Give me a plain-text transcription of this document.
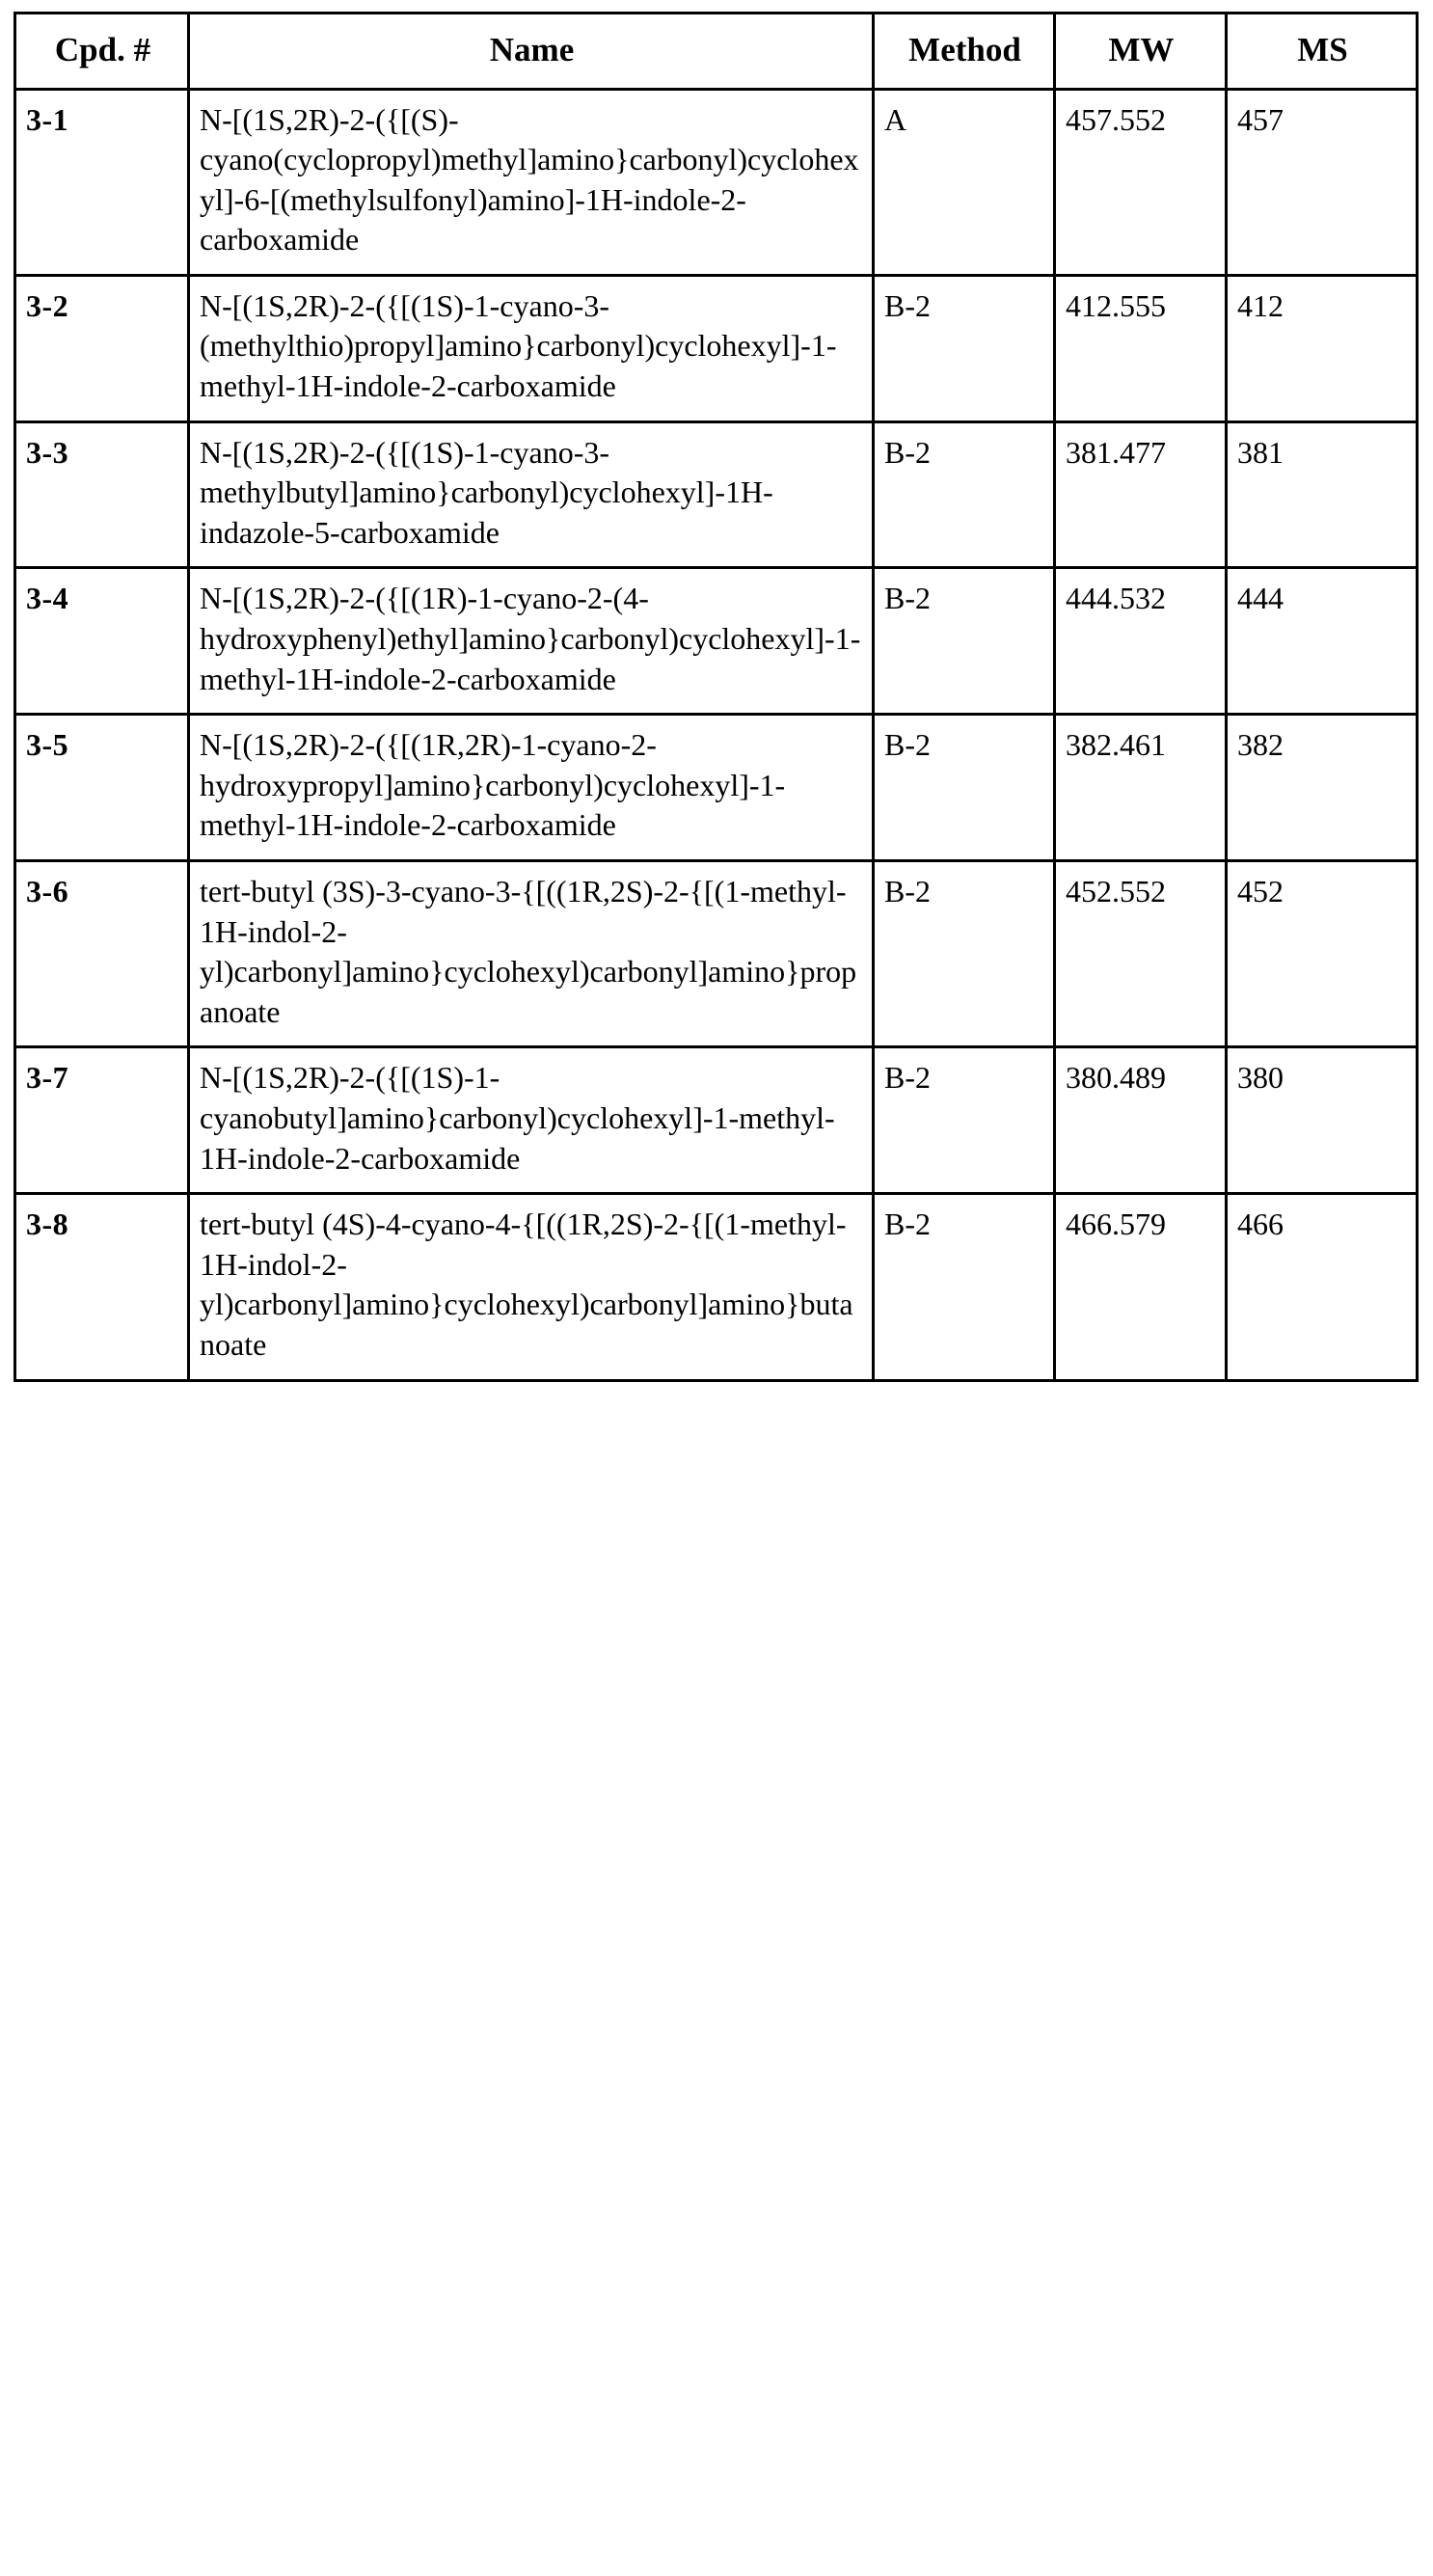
Cpd. #	Name	Method	MW	MS
3-1	N-[(1S,2R)-2-({[(S)-cyano(cyclopropyl)methyl]amino}carbonyl)cyclohexyl]-6-[(methylsulfonyl)amino]-1H-indole-2-carboxamide	A	457.552	457
3-2	N-[(1S,2R)-2-({[(1S)-1-cyano-3-(methylthio)propyl]amino}carbonyl)cyclohexyl]-1-methyl-1H-indole-2-carboxamide	B-2	412.555	412
3-3	N-[(1S,2R)-2-({[(1S)-1-cyano-3-methylbutyl]amino}carbonyl)cyclohexyl]-1H-indazole-5-carboxamide	B-2	381.477	381
3-4	N-[(1S,2R)-2-({[(1R)-1-cyano-2-(4-hydroxyphenyl)ethyl]amino}carbonyl)cyclohexyl]-1-methyl-1H-indole-2-carboxamide	B-2	444.532	444
3-5	N-[(1S,2R)-2-({[(1R,2R)-1-cyano-2-hydroxypropyl]amino}carbonyl)cyclohexyl]-1-methyl-1H-indole-2-carboxamide	B-2	382.461	382
3-6	tert-butyl (3S)-3-cyano-3-{[((1R,2S)-2-{[(1-methyl-1H-indol-2-yl)carbonyl]amino}cyclohexyl)carbonyl]amino}propanoate	B-2	452.552	452
3-7	N-[(1S,2R)-2-({[(1S)-1-cyanobutyl]amino}carbonyl)cyclohexyl]-1-methyl-1H-indole-2-carboxamide	B-2	380.489	380
3-8	tert-butyl (4S)-4-cyano-4-{[((1R,2S)-2-{[(1-methyl-1H-indol-2-yl)carbonyl]amino}cyclohexyl)carbonyl]amino}butanoate	B-2	466.579	466
